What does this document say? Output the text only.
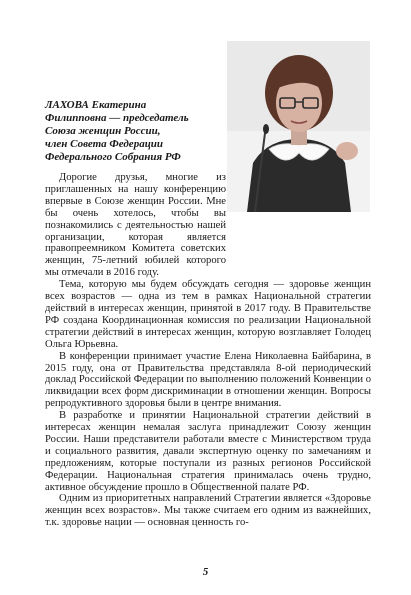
ЛАХОВА Екатерина
Филипповна — председатель
Союза женщин России,
член Совета Федерации
Федерального Собрания РФ

Дорогие друзья, многие из приглашенных на нашу конференцию впервые в Союзе женщин России. Мне бы очень хотелось, чтобы вы познакомились с деятельностью нашей организации, которая является правопреемником Комитета советских женщин, 75-летний юбилей которого мы отмечали в 2016 году.

Тема, которую мы будем обсуждать сегодня — здоровье женщин всех возрастов — одна из тем в рамках Национальной стратегии действий в интересах женщин, принятой в 2017 году. В Правительстве РФ создана Координационная комиссия по реализации Национальной стратегии действий в интересах женщин, которую возглавляет Голодец Ольга Юрьевна.

В конференции принимает участие Елена Николаевна Байбарина, в 2015 году, она от Правительства представляла 8-ой периодический доклад Российской Федерации по выполнению положений Конвенции о ликвидации всех форм дискриминации в отношении женщин. Вопросы репродуктивного здоровья были в центре внимания.

В разработке и принятии Национальной стратегии действий в интересах женщин немалая заслуга принадлежит Союзу женщин России. Наши представители работали вместе с Министерством труда и социального развития, давали экспертную оценку по замечаниям и предложениям, которые поступали из разных регионов Российской Федерации. Национальная стратегия принималась очень трудно, активное обсуждение прошло в Общественной палате РФ.

Одним из приоритетных направлений Стратегии является «Здоровье женщин всех возрастов». Мы также считаем его одним из важнейших, т.к. здоровье нации — основная ценность го-

5
